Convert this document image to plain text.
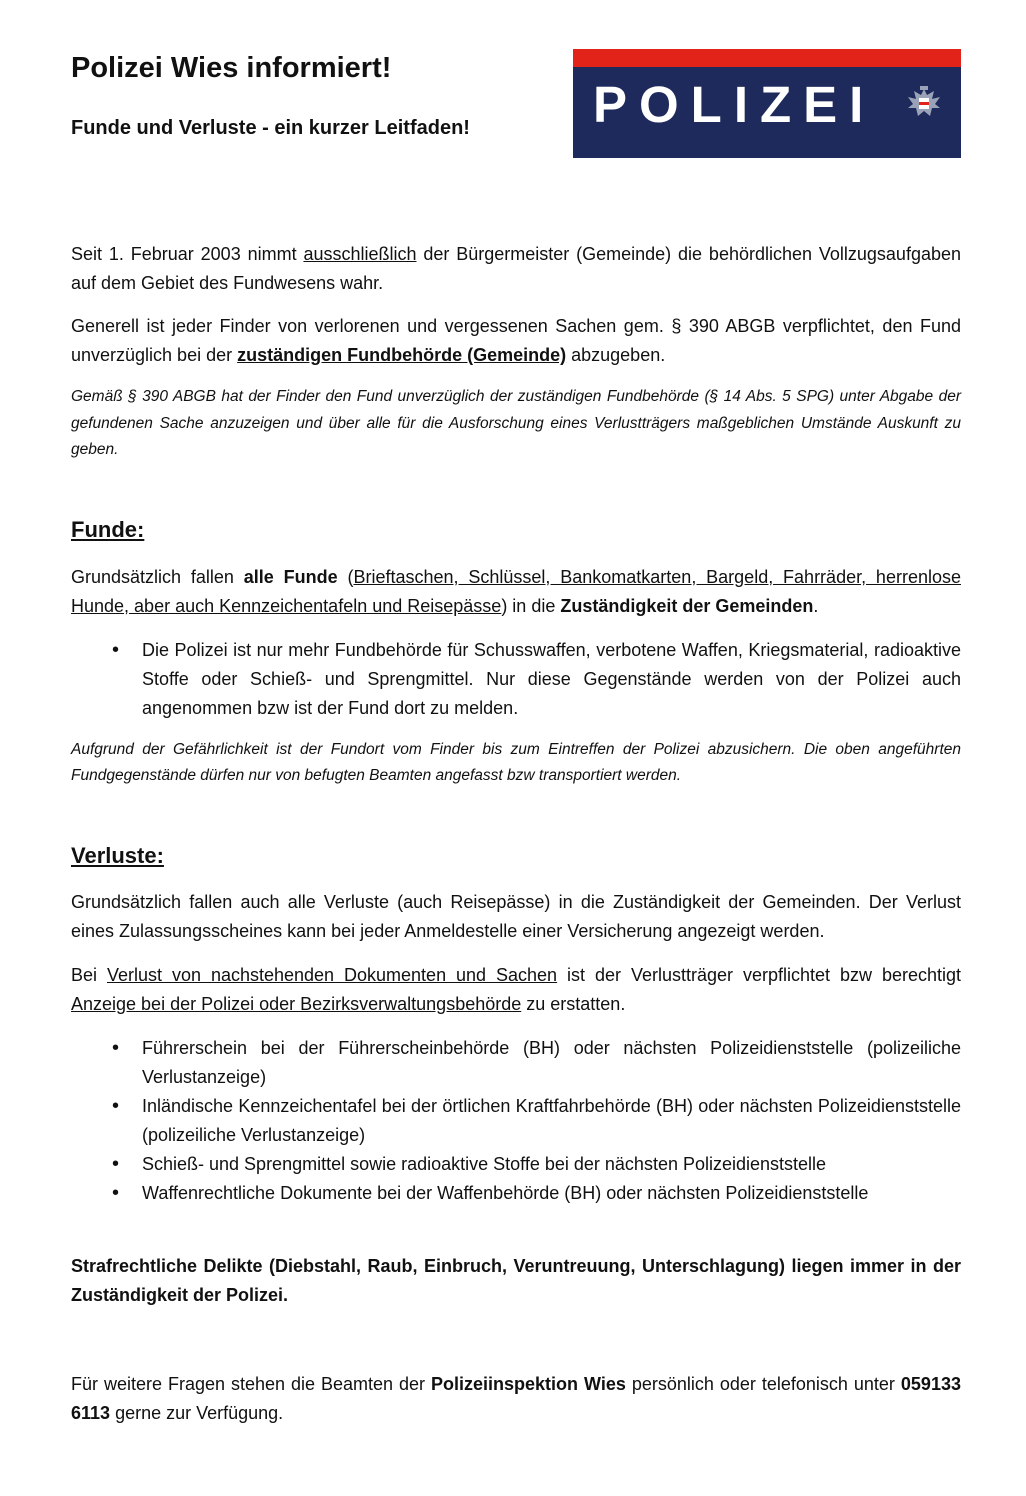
Polizei Wies informiert!
Funde und Verluste - ein kurzer Leitfaden! POLIZEI

Seit 1. Februar 2003 nimmt ausschließlich der Bürgermeister (Gemeinde) die behördlichen Vollzugsaufgaben auf dem Gebiet des Fundwesens wahr.

Generell ist jeder Finder von verlorenen und vergessenen Sachen gem. § 390 ABGB verpflichtet, den Fund unverzüglich bei der zuständigen Fundbehörde (Gemeinde) abzugeben.

Gemäß § 390 ABGB hat der Finder den Fund unverzüglich der zuständigen Fundbehörde (§ 14 Abs. 5 SPG) unter Abgabe der gefundenen Sache anzuzeigen und über alle für die Ausforschung eines Verlustträgers maßgeblichen Umstände Auskunft zu geben.

Funde:

Grundsätzlich fallen alle Funde (Brieftaschen, Schlüssel, Bankomatkarten, Bargeld, Fahrräder, herrenlose Hunde, aber auch Kennzeichentafeln und Reisepässe) in die Zuständigkeit der Gemeinden.

• Die Polizei ist nur mehr Fundbehörde für Schusswaffen, verbotene Waffen, Kriegsmaterial, radioaktive Stoffe oder Schieß- und Sprengmittel. Nur diese Gegenstände werden von der Polizei auch angenommen bzw ist der Fund dort zu melden.

Aufgrund der Gefährlichkeit ist der Fundort vom Finder bis zum Eintreffen der Polizei abzusichern. Die oben angeführten Fundgegenstände dürfen nur von befugten Beamten angefasst bzw transportiert werden.

Verluste:

Grundsätzlich fallen auch alle Verluste (auch Reisepässe) in die Zuständigkeit der Gemeinden. Der Verlust eines Zulassungsscheines kann bei jeder Anmeldestelle einer Versicherung angezeigt werden.

Bei Verlust von nachstehenden Dokumenten und Sachen ist der Verlustträger verpflichtet bzw berechtigt Anzeige bei der Polizei oder Bezirksverwaltungsbehörde zu erstatten.

• Führerschein bei der Führerscheinbehörde (BH) oder nächsten Polizeidienststelle (polizeiliche Verlustanzeige)
• Inländische Kennzeichentafel bei der örtlichen Kraftfahrbehörde (BH) oder nächsten Polizeidienststelle (polizeiliche Verlustanzeige)
• Schieß- und Sprengmittel sowie radioaktive Stoffe bei der nächsten Polizeidienststelle
• Waffenrechtliche Dokumente bei der Waffenbehörde (BH) oder nächsten Polizeidienststelle

Strafrechtliche Delikte (Diebstahl, Raub, Einbruch, Veruntreuung, Unterschlagung) liegen immer in der Zuständigkeit der Polizei.

Für weitere Fragen stehen die Beamten der Polizeiinspektion Wies persönlich oder telefonisch unter 059133 6113 gerne zur Verfügung.
